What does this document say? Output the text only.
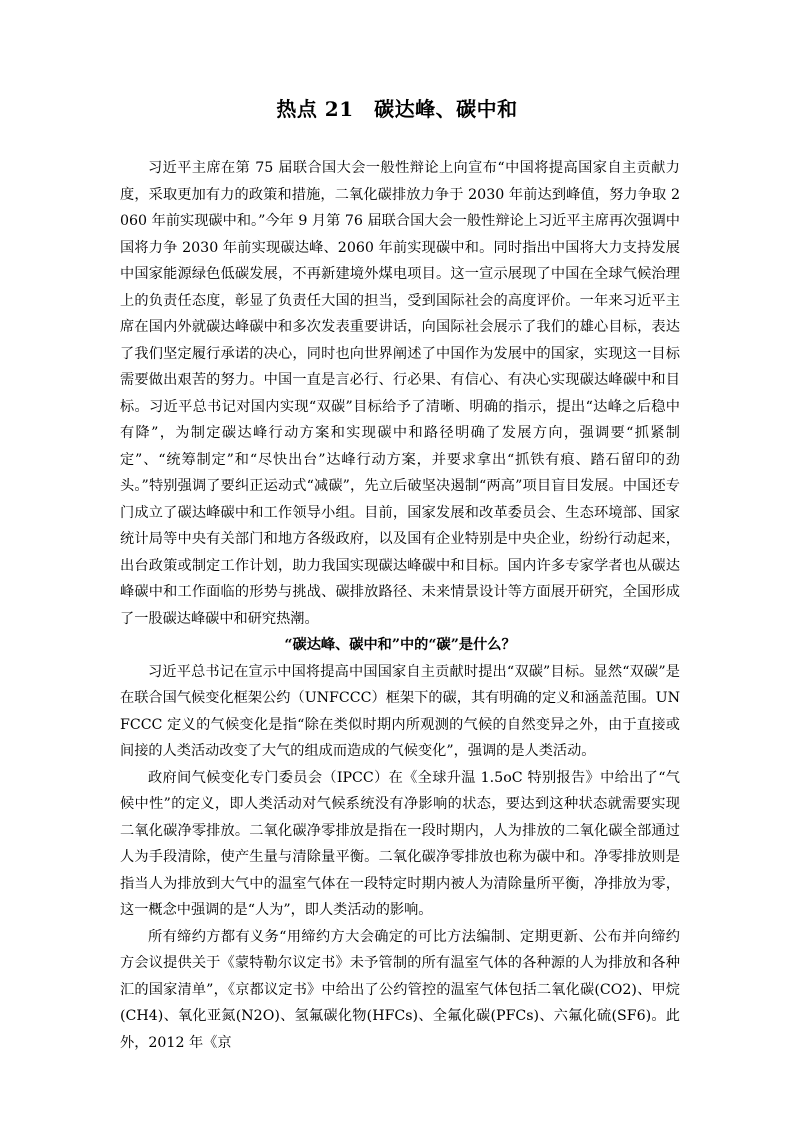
热点 21　碳达峰、碳中和

习近平主席在第 75 届联合国大会一般性辩论上向宣布“中国将提高国家自主贡献力度，采取更加有力的政策和措施，二氧化碳排放力争于 2030 年前达到峰值，努力争取 2060 年前实现碳中和。”今年 9 月第 76 届联合国大会一般性辩论上习近平主席再次强调中国将力争 2030 年前实现碳达峰、2060 年前实现碳中和。同时指出中国将大力支持发展中国家能源绿色低碳发展，不再新建境外煤电项目。这一宣示展现了中国在全球气候治理上的负责任态度，彰显了负责任大国的担当，受到国际社会的高度评价。一年来习近平主席在国内外就碳达峰碳中和多次发表重要讲话，向国际社会展示了我们的雄心目标，表达了我们坚定履行承诺的决心，同时也向世界阐述了中国作为发展中的国家，实现这一目标需要做出艰苦的努力。中国一直是言必行、行必果、有信心、有决心实现碳达峰碳中和目标。习近平总书记对国内实现“双碳”目标给予了清晰、明确的指示，提出“达峰之后稳中有降”，为制定碳达峰行动方案和实现碳中和路径明确了发展方向，强调要“抓紧制定”、“统筹制定”和“尽快出台”达峰行动方案，并要求拿出“抓铁有痕、踏石留印的劲头。”特别强调了要纠正运动式“减碳”，先立后破坚决遏制“两高”项目盲目发展。中国还专门成立了碳达峰碳中和工作领导小组。目前，国家发展和改革委员会、生态环境部、国家统计局等中央有关部门和地方各级政府，以及国有企业特别是中央企业，纷纷行动起来，出台政策或制定工作计划，助力我国实现碳达峰碳中和目标。国内许多专家学者也从碳达峰碳中和工作面临的形势与挑战、碳排放路径、未来情景设计等方面展开研究，全国形成了一股碳达峰碳中和研究热潮。

“碳达峰、碳中和”中的“碳”是什么？

习近平总书记在宣示中国将提高中国国家自主贡献时提出“双碳”目标。显然“双碳”是在联合国气候变化框架公约（UNFCCC）框架下的碳，其有明确的定义和涵盖范围。UNFCCC 定义的气候变化是指“除在类似时期内所观测的气候的自然变异之外，由于直接或间接的人类活动改变了大气的组成而造成的气候变化”，强调的是人类活动。

政府间气候变化专门委员会（IPCC）在《全球升温 1.5oC 特别报告》中给出了“气候中性”的定义，即人类活动对气候系统没有净影响的状态，要达到这种状态就需要实现二氧化碳净零排放。二氧化碳净零排放是指在一段时期内，人为排放的二氧化碳全部通过人为手段清除，使产生量与清除量平衡。二氧化碳净零排放也称为碳中和。净零排放则是指当人为排放到大气中的温室气体在一段特定时期内被人为清除量所平衡，净排放为零，这一概念中强调的是“人为”，即人类活动的影响。

所有缔约方都有义务“用缔约方大会确定的可比方法编制、定期更新、公布并向缔约方会议提供关于《蒙特勒尔议定书》未予管制的所有温室气体的各种源的人为排放和各种汇的国家清单”，《京都议定书》中给出了公约管控的温室气体包括二氧化碳(CO2)、甲烷(CH4)、氧化亚氮(N2O)、氢氟碳化物(HFCs)、全氟化碳(PFCs)、六氟化硫(SF6)。此外，2012 年《京
